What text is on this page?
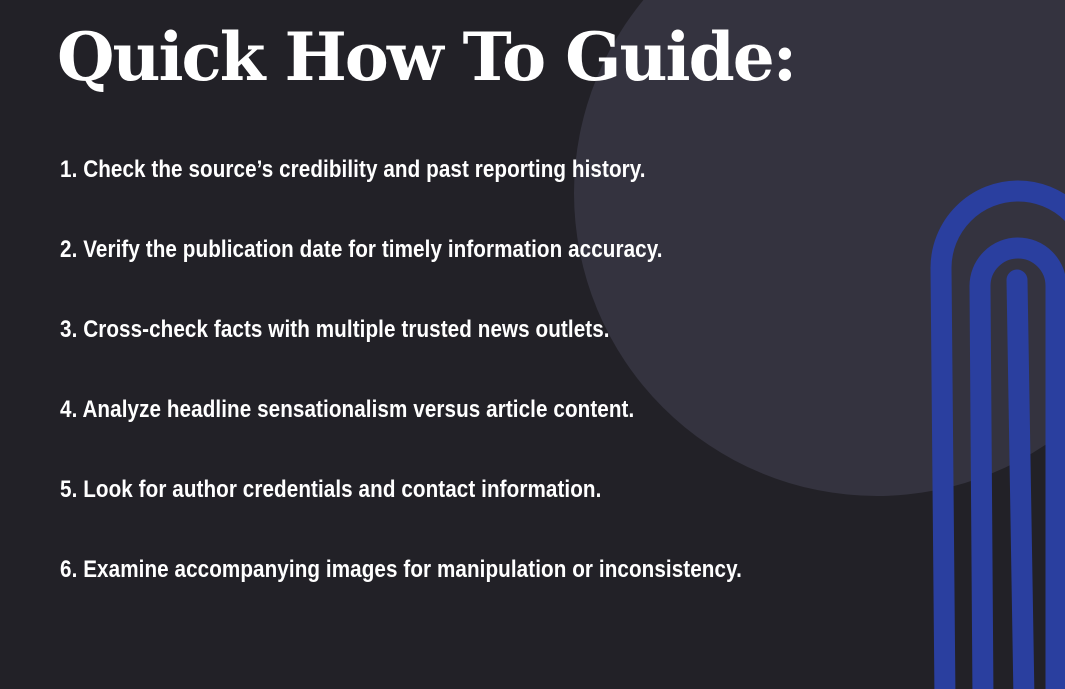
Quick How To Guide:
1. Check the source’s credibility and past reporting history.
2. Verify the publication date for timely information accuracy.
3. Cross-check facts with multiple trusted news outlets.
4. Analyze headline sensationalism versus article content.
5. Look for author credentials and contact information.
6. Examine accompanying images for manipulation or inconsistency.
